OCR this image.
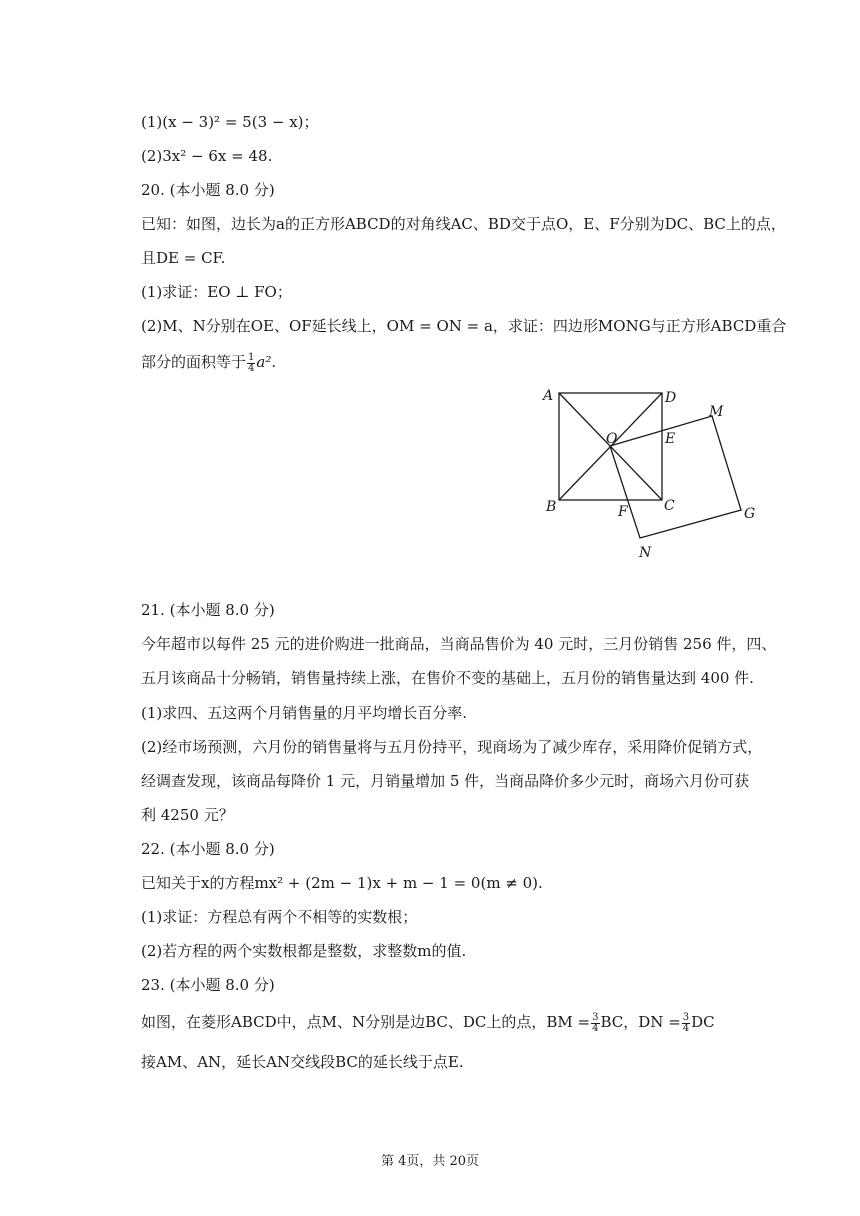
(1)(x − 3)² = 5(3 − x)；
(2)3x² − 6x = 48.
20. (本小题 8.0 分)
已知：如图，边长为a的正方形ABCD的对角线AC、BD交于点O，E、F分别为DC、BC上的点，
且DE = CF.
(1)求证：EO ⊥ FO；
(2)M、N分别在OE、OF延长线上，OM = ON = a，求证：四边形MONG与正方形ABCD重合
部分的面积等于 $\frac{1}{4} a^2$.
A	D
M
O	E
B	C
F	G
N
21. (本小题 8.0 分)
今年超市以每件 25 元的进价购进一批商品，当商品售价为 40 元时，三月份销售 256 件，四、
五月该商品十分畅销，销售量持续上涨，在售价不变的基础上，五月份的销售量达到 400 件.
(1)求四、五这两个月销售量的月平均增长百分率.
(2)经市场预测，六月份的销售量将与五月份持平，现商场为了减少库存，采用降价促销方式，
经调查发现，该商品每降价 1 元，月销量增加 5 件，当商品降价多少元时，商场六月份可获
利 4250 元？
22. (本小题 8.0 分)
已知关于x的方程mx² + (2m − 1)x + m − 1 = 0(m ≠ 0).
(1)求证：方程总有两个不相等的实数根；
(2)若方程的两个实数根都是整数，求整数m的值.
23. (本小题 8.0 分)
如图，在菱形ABCD中，点M、N分别是边BC、DC上的点，BM = $\frac{3}{4}$ BC，DN = $\frac{3}{4}$ DC
接AM、AN，延长AN交线段BC的延长线于点E.
第 4页，共 20页
